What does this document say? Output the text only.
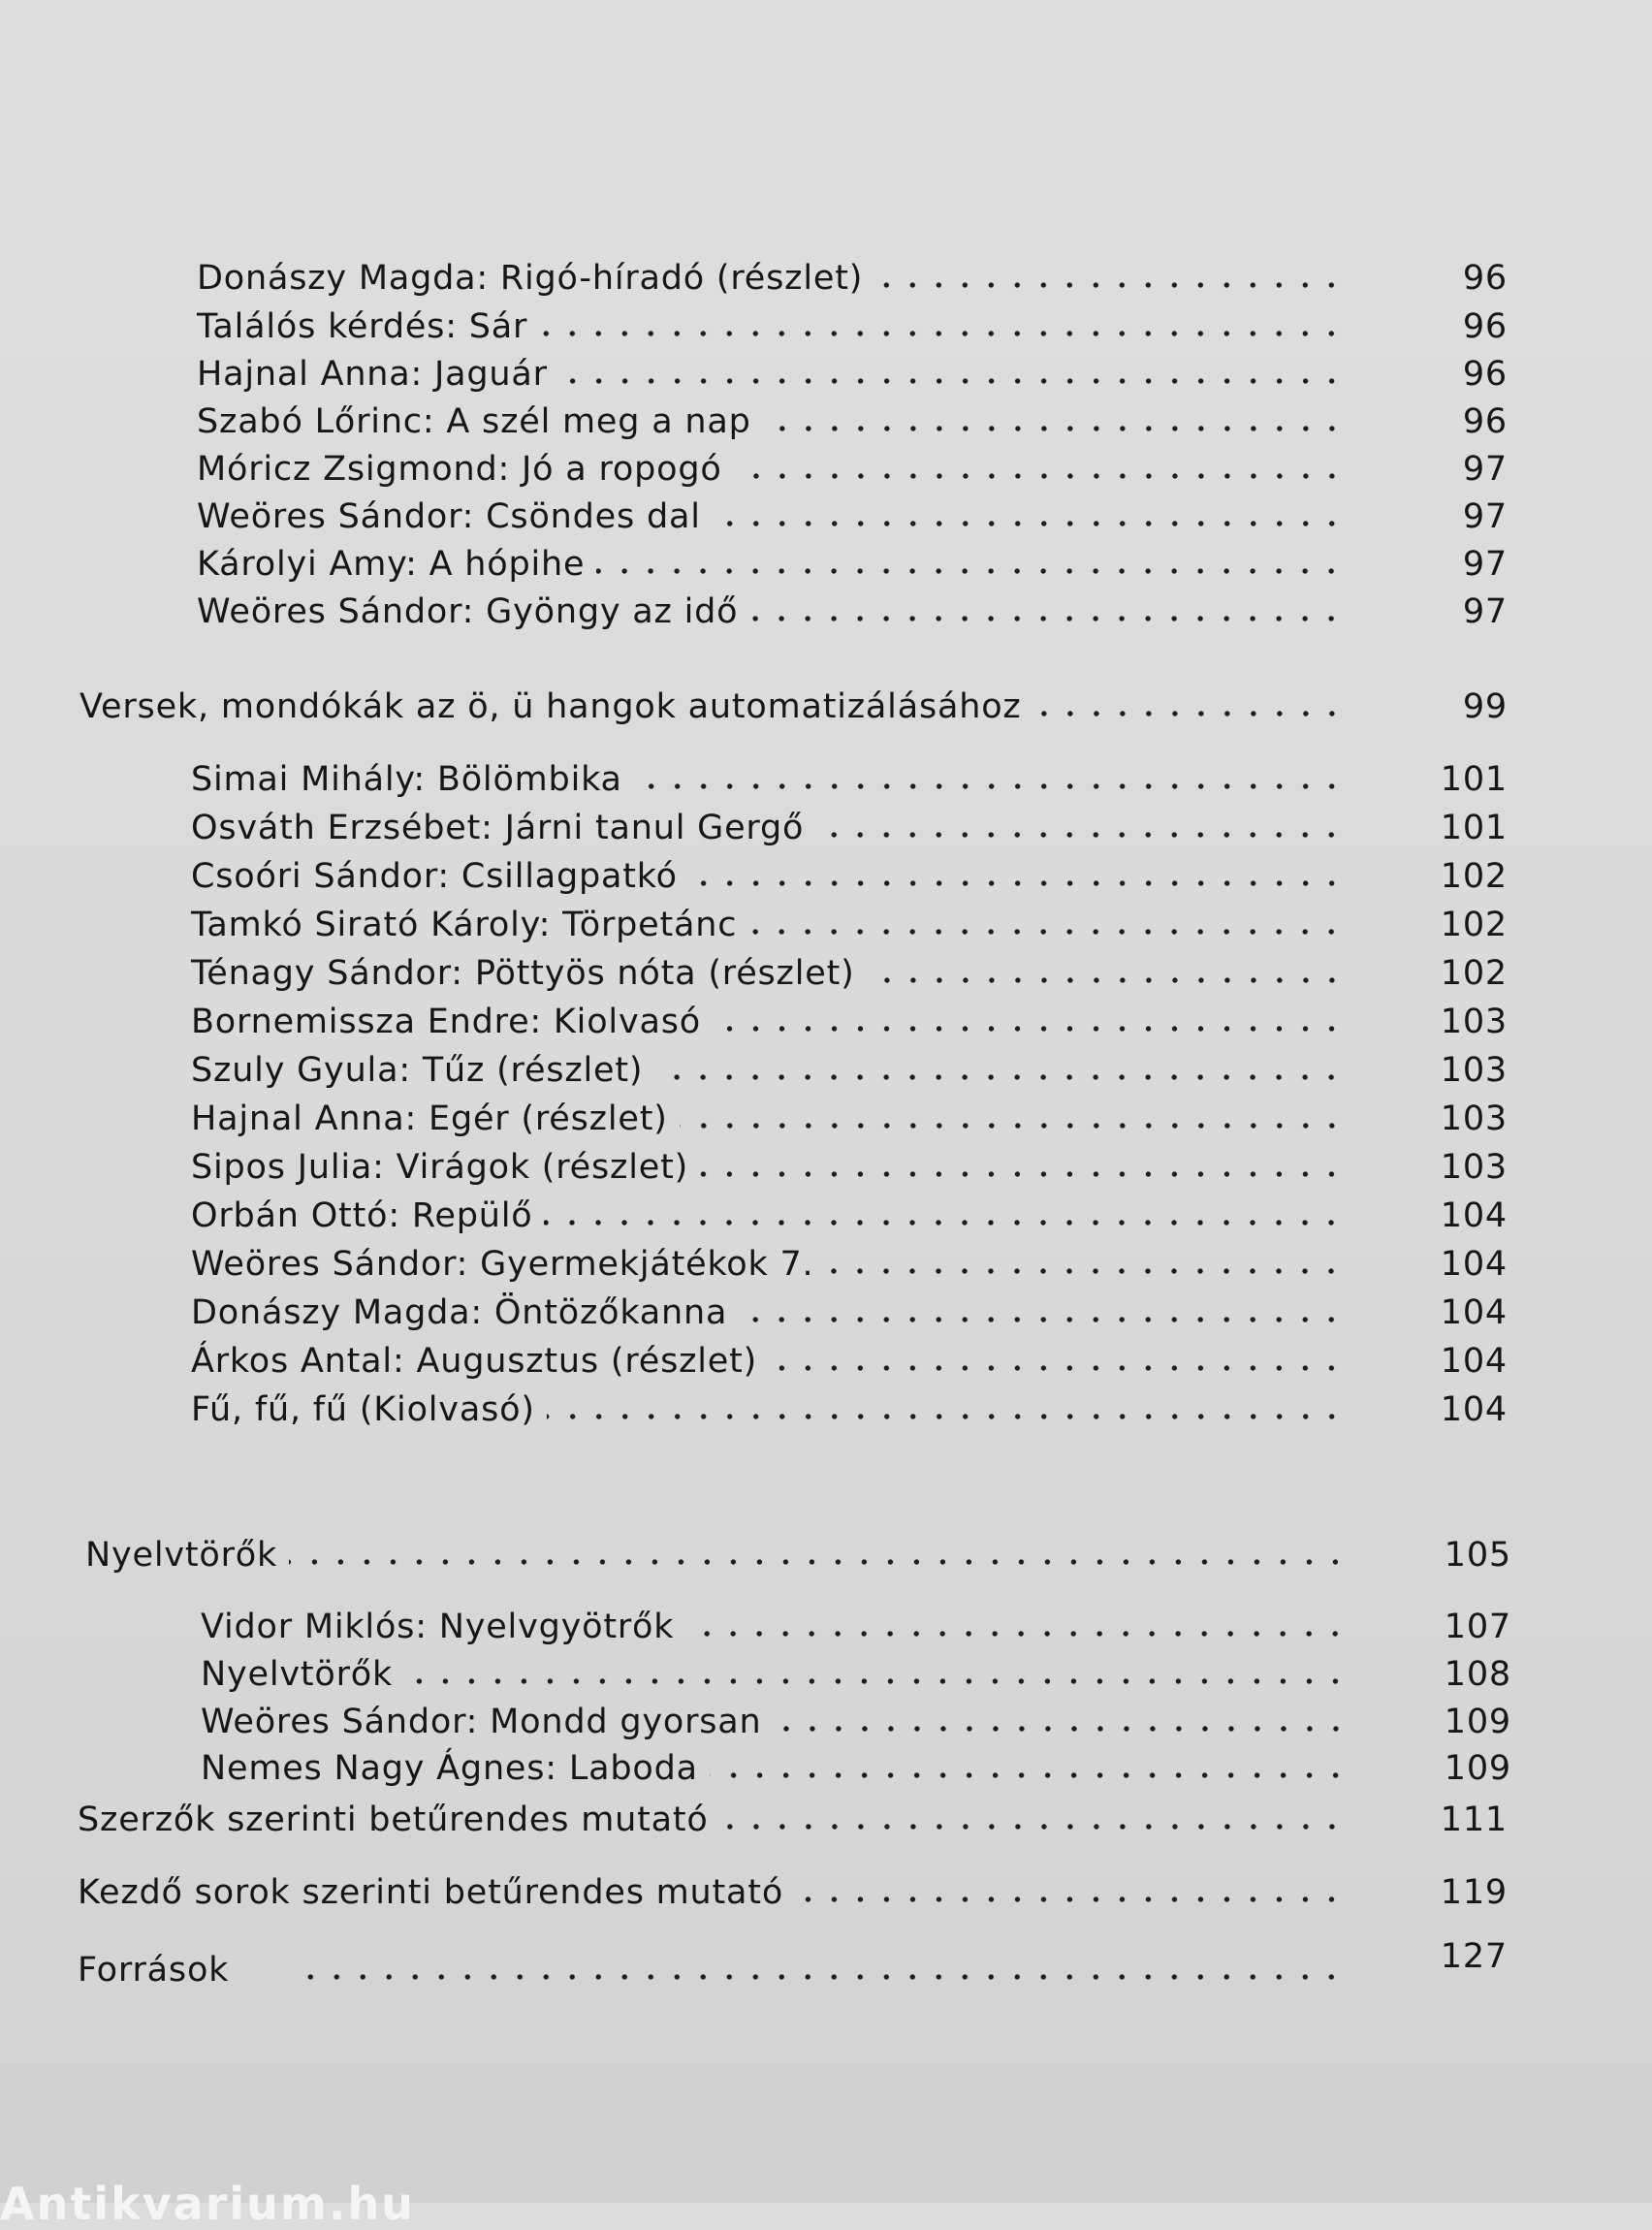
Donászy Magda: Rigó-híradó (részlet)	96
Találós kérdés: Sár	96
Hajnal Anna: Jaguár	96
Szabó Lőrinc: A szél meg a nap	96
Móricz Zsigmond: Jó a ropogó	97
Weöres Sándor: Csöndes dal	97
Károlyi Amy: A hópihe	97
Weöres Sándor: Gyöngy az idő	97
Versek, mondókák az ö, ü hangok automatizálásához	99
Simai Mihály: Bölömbika	101
Osváth Erzsébet: Járni tanul Gergő	101
Csoóri Sándor: Csillagpatkó	102
Tamkó Sirató Károly: Törpetánc	102
Ténagy Sándor: Pöttyös nóta (részlet)	102
Bornemissza Endre: Kiolvasó	103
Szuly Gyula: Tűz (részlet)	103
Hajnal Anna: Egér (részlet)	103
Sipos Julia: Virágok (részlet)	103
Orbán Ottó: Repülő	104
Weöres Sándor: Gyermekjátékok 7.	104
Donászy Magda: Öntözőkanna	104
Árkos Antal: Augusztus (részlet)	104
Fű, fű, fű (Kiolvasó)	104
Nyelvtörők	105
Vidor Miklós: Nyelvgyötrők	107
Nyelvtörők	108
Weöres Sándor: Mondd gyorsan	109
Nemes Nagy Ágnes: Laboda	109
Szerzők szerinti betűrendes mutató	111
Kezdő sorok szerinti betűrendes mutató	119
Források	127
Antikvarium.hu
